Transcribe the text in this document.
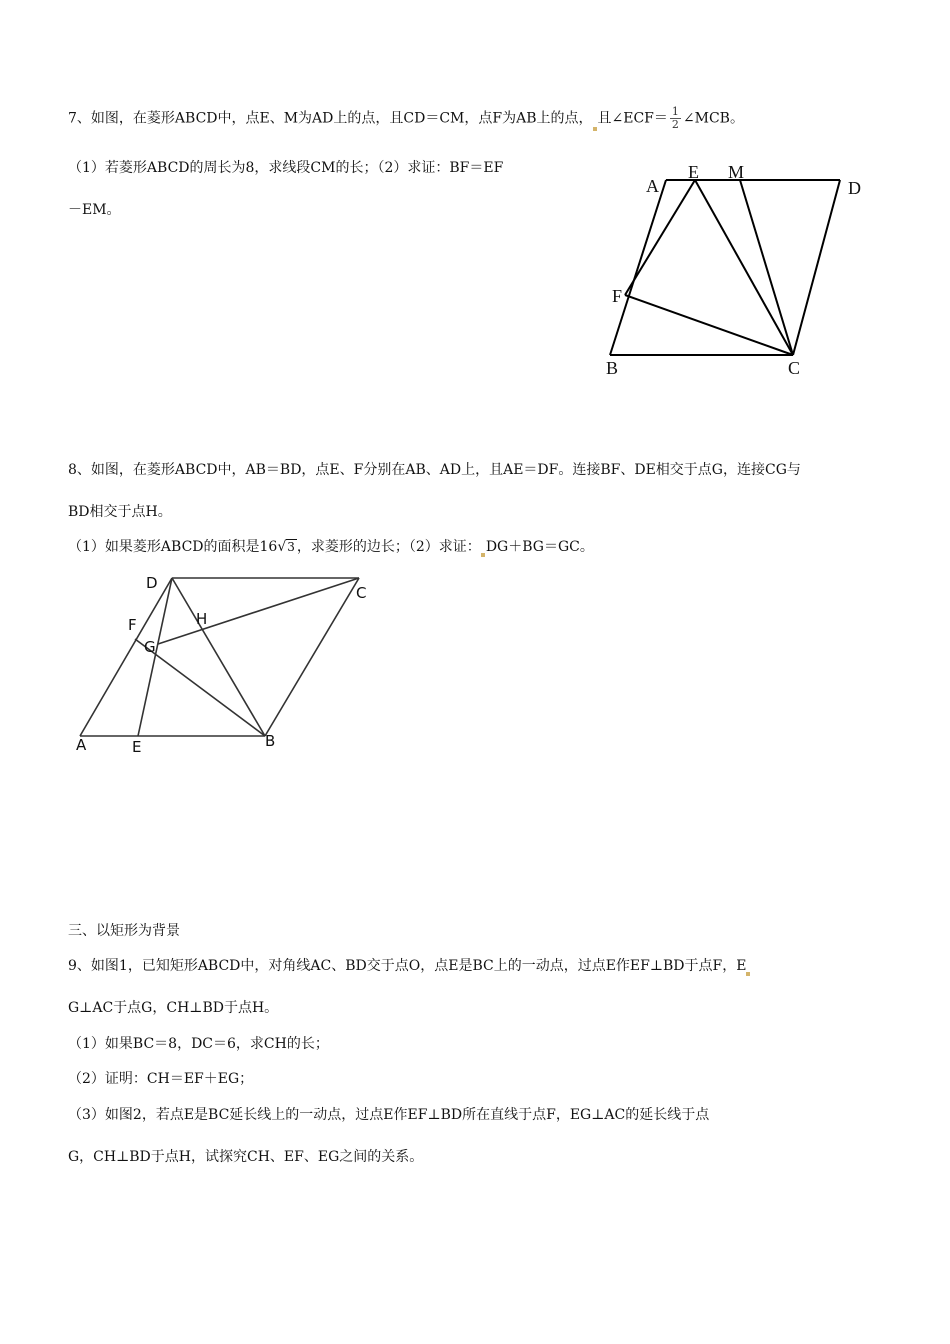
7、如图，在菱形ABCD中，点E、M为AD上的点，且CD＝CM，点F为AB上的点， 且∠ECF＝ $\frac{1}{2}$ ∠MCB。
（1）若菱形ABCD的周长为8，求线段CM的长；（2）求证：BF＝EF
－EM。
A
E M
D
F
B	C
8、如图，在菱形ABCD中，AB＝BD，点E、F分别在AB、AD上，且AE＝DF。连接BF、DE相交于点G，连接CG与
BD相交于点H。
（1）如果菱形ABCD的面积是16√3 ，求菱形的边长；（2）求证： DG＋BG＝GC。
D
C
F	H
G
A	E	B
三、以矩形为背景
9、如图1，已知矩形ABCD中，对角线AC、BD交于点O，点E是BC上的一动点，过点E作EF⊥BD于点F，E
G⊥AC于点G，CH⊥BD于点H。
（1）如果BC＝8，DC＝6，求CH的长；
（2）证明：CH＝EF＋EG；
（3）如图2，若点E是BC延长线上的一动点，过点E作EF⊥BD所在直线于点F，EG⊥AC的延长线于点
G，CH⊥BD于点H，试探究CH、EF、EG之间的关系。
